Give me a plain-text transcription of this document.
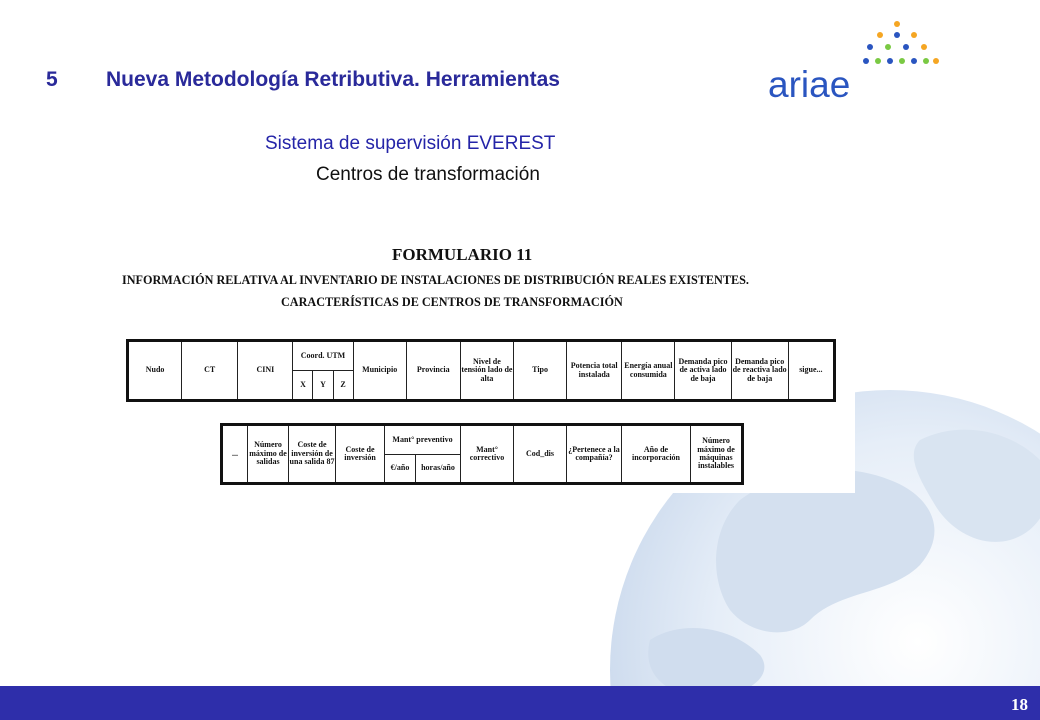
5 Nueva Metodología Retributiva. Herramientas	ariae
Sistema de supervisión EVEREST
Centros de transformación
FORMULARIO 11
INFORMACIÓN RELATIVA AL INVENTARIO DE INSTALACIONES DE DISTRIBUCIÓN REALES EXISTENTES.
CARACTERÍSTICAS DE CENTROS DE TRANSFORMACIÓN
Nudo	CT	CINI	Coord. UTM			Municipio	Provincia	Nivel de tensión lado de alta	Tipo	Potencia total instalada	Energía anual consumida	Demanda pico de activa lado de baja	Demanda pico de reactiva lado de baja	sigue...
			X	Y	Z									
...	Número máximo de salidas	Coste de inversión de una salida 87	Coste de inversión	Mant° preventivo		Mant° correctivo	Cod_dis	¿Pertenece a la compañía?	Año de incorporación	Número máximo de máquinas instalables
				€/año	horas/año					
18
